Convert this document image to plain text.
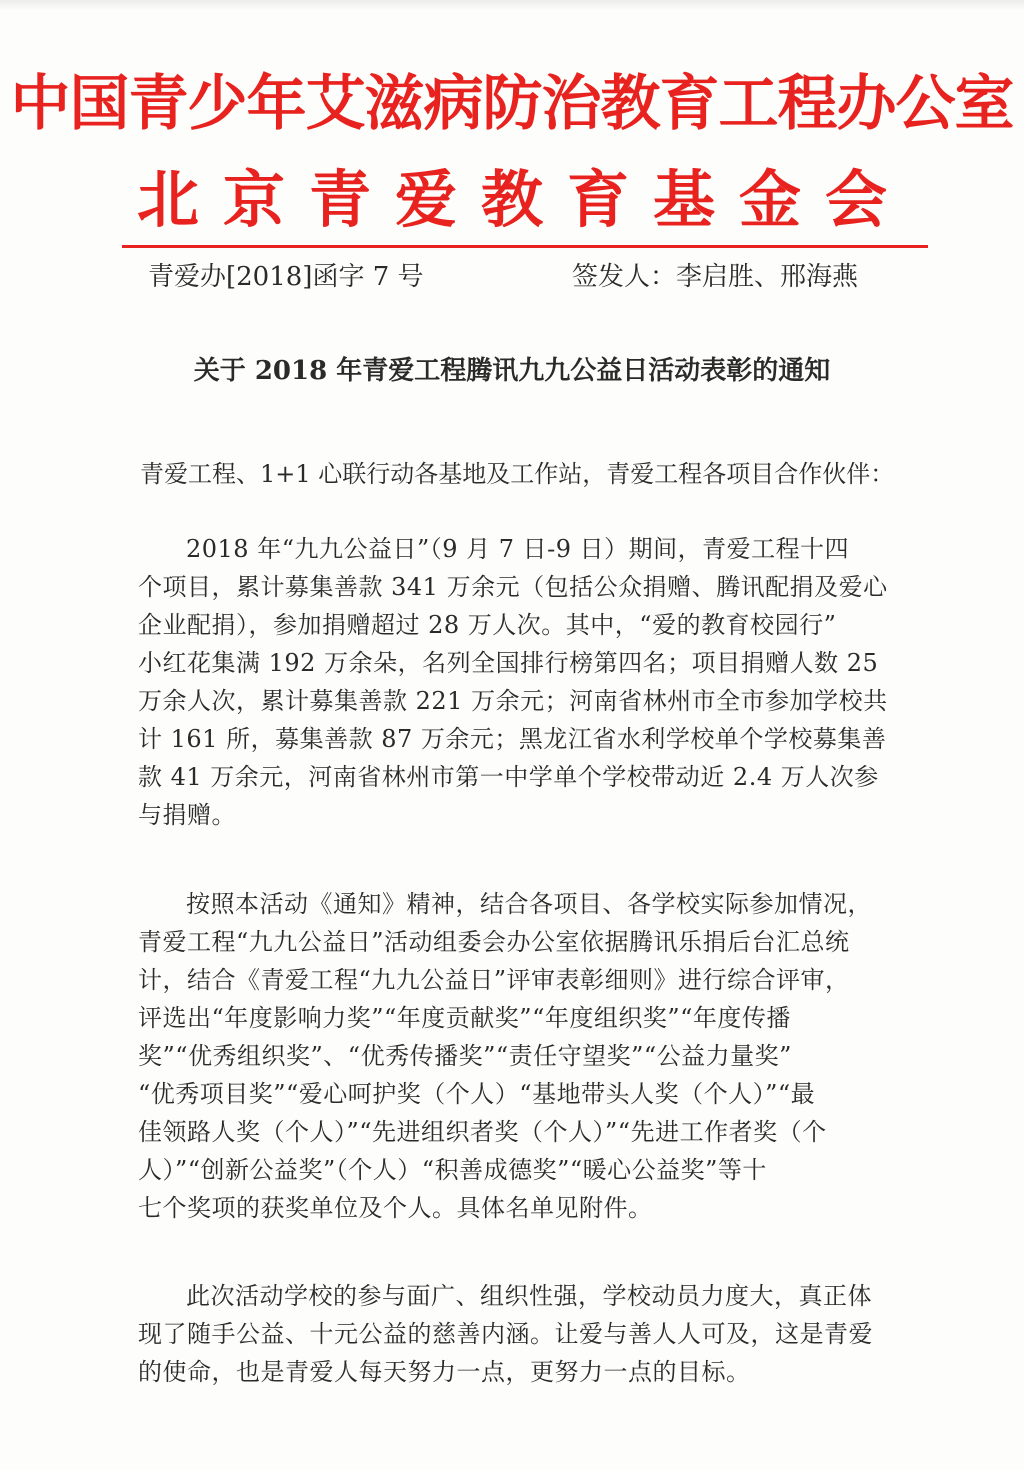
中国青少年艾滋病防治教育工程办公室
北京青爱教育基金会
青爱办[2018]函字 7 号	签发人：李启胜、邢海燕
关于 2018 年青爱工程腾讯九九公益日活动表彰的通知
青爱工程、1+1 心联行动各基地及工作站，青爱工程各项目合作伙伴：
2018 年“九九公益日”（9 月 7 日-9 日）期间，青爱工程十四
个项目，累计募集善款 341 万余元（包括公众捐赠、腾讯配捐及爱心
企业配捐），参加捐赠超过 28 万人次。其中，“爱的教育校园行”
小红花集满 192 万余朵，名列全国排行榜第四名；项目捐赠人数 25
万余人次，累计募集善款 221 万余元；河南省林州市全市参加学校共
计 161 所，募集善款 87 万余元；黑龙江省水利学校单个学校募集善
款 41 万余元，河南省林州市第一中学单个学校带动近 2.4 万人次参
与捐赠。
按照本活动《通知》精神，结合各项目、各学校实际参加情况，
青爱工程“九九公益日”活动组委会办公室依据腾讯乐捐后台汇总统
计，结合《青爱工程“九九公益日”评审表彰细则》进行综合评审，
评选出“年度影响力奖”“年度贡献奖”“年度组织奖”“年度传播
奖”“优秀组织奖”、“优秀传播奖”“责任守望奖”“公益力量奖”
“优秀项目奖”“爱心呵护奖（个人）“基地带头人奖（个人）”“最
佳领路人奖（个人）”“先进组织者奖（个人）”“先进工作者奖（个
人）”“创新公益奖”（个人）“积善成德奖”“暖心公益奖”等十
七个奖项的获奖单位及个人。具体名单见附件。
此次活动学校的参与面广、组织性强，学校动员力度大，真正体
现了随手公益、十元公益的慈善内涵。让爱与善人人可及，这是青爱
的使命，也是青爱人每天努力一点，更努力一点的目标。
